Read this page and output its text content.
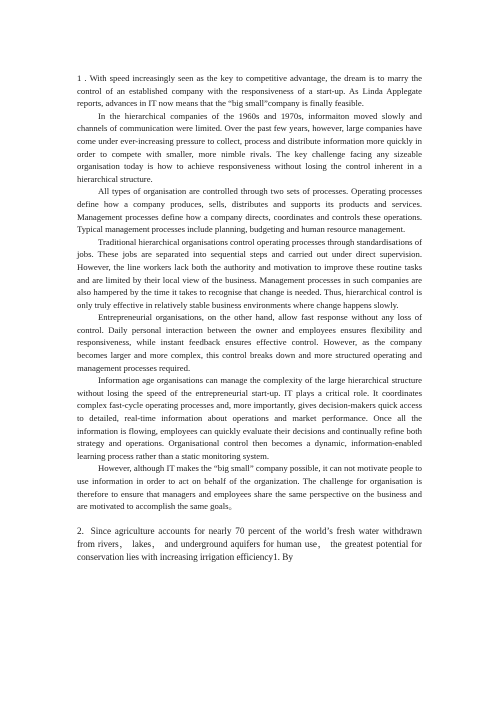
1 . With speed increasingly seen as the key to competitive advantage, the dream is to marry the control of an established company with the responsiveness of a start-up. As Linda Applegate reports, advances in IT now means that the “big small”company is finally feasible.

In the hierarchical companies of the 1960s and 1970s, informaiton moved slowly and channels of communication were limited. Over the past few years, however, large companies have come under ever-increasing pressure to collect, process and distribute information more quickly in order to compete with smaller, more nimble rivals. The key challenge facing any sizeable organisation today is how to achieve responsiveness without losing the control inherent in a hierarchical structure.

All types of organisation are controlled through two sets of processes. Operating processes define how a company produces, sells, distributes and supports its products and services. Management processes define how a company directs, coordinates and controls these operations. Typical management processes include planning, budgeting and human resource management.

Traditional hierarchical organisations control operating processes through standardisations of jobs. These jobs are separated into sequential steps and carried out under direct supervision. However, the line workers lack both the authority and motivation to improve these routine tasks and are limited by their local view of the business. Management processes in such companies are also hampered by the time it takes to recognise that change is needed. Thus, hierarchical control is only truly effective in relatively stable business environments where change happens slowly.

Entrepreneurial organisations, on the other hand, allow fast response without any loss of control. Daily personal interaction between the owner and employees ensures flexibility and responsiveness, while instant feedback ensures effective control. However, as the company becomes larger and more complex, this control breaks down and more structured operating and management processes required.

Information age organisations can manage the complexity of the large hierarchical structure without losing the speed of the entrepreneurial start-up. IT plays a critical role. It coordinates complex fast-cycle operating processes and, more importantly, gives decision-makers quick access to detailed, real-time information about operations and market performance. Once all the information is flowing, employees can quickly evaluate their decisions and continually refine both strategy and operations. Organisational control then becomes a dynamic, information-enabled learning process rather than a static monitoring system.

However, although IT makes the “big small” company possible, it can not motivate people to use information in order to act on behalf of the organization. The challenge for organisation is therefore to ensure that managers and employees share the same perspective on the business and are motivated to accomplish the same goals。

2. Since agriculture accounts for nearly 70 percent of the world’s fresh water withdrawn from rivers， lakes， and underground aquifers for human use， the greatest potential for conservation lies with increasing irrigation efficiency1. By
